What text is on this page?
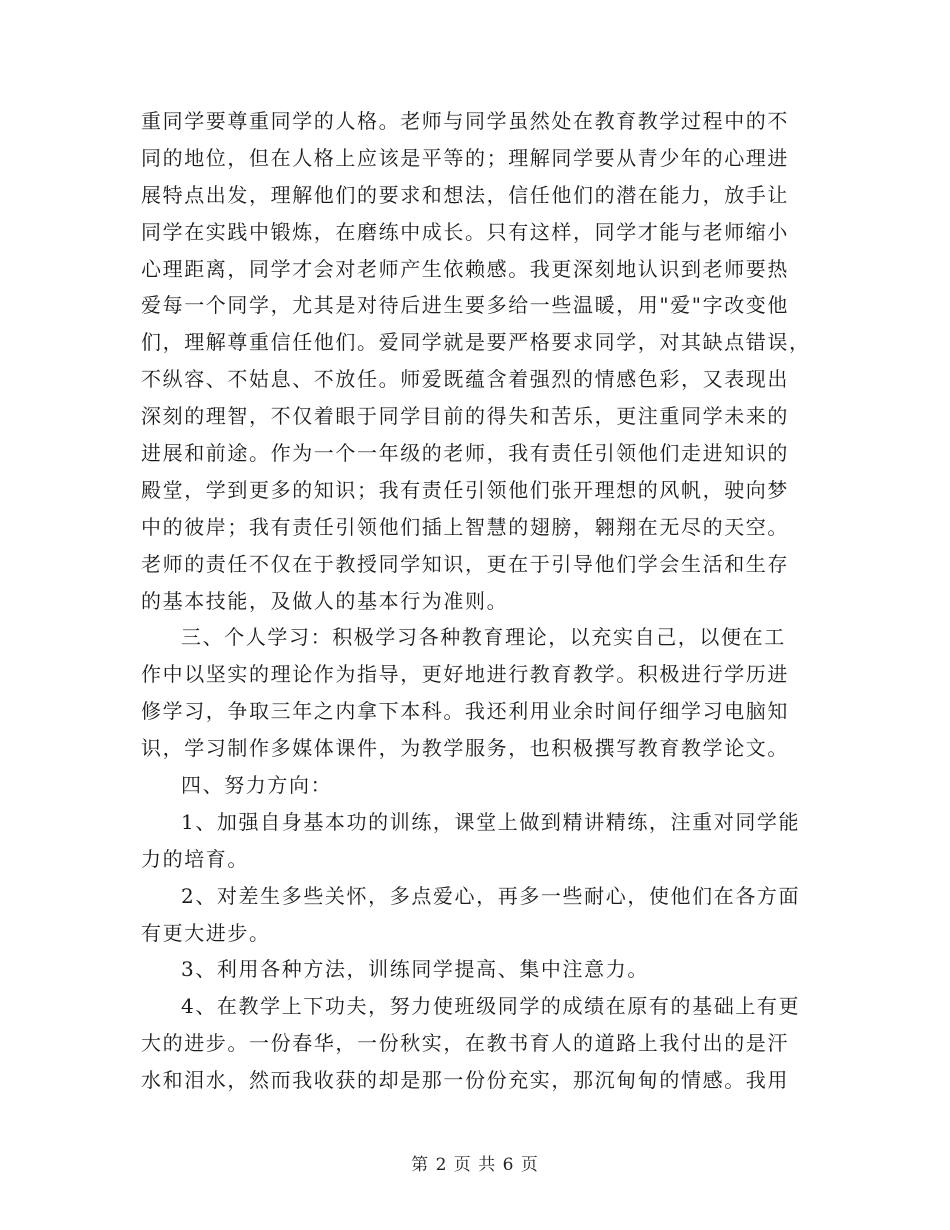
重同学要尊重同学的人格。老师与同学虽然处在教育教学过程中的不
同的地位，但在人格上应该是平等的；理解同学要从青少年的心理进
展特点出发，理解他们的要求和想法，信任他们的潜在能力，放手让
同学在实践中锻炼，在磨练中成长。只有这样，同学才能与老师缩小
心理距离，同学才会对老师产生依赖感。我更深刻地认识到老师要热
爱每一个同学，尤其是对待后进生要多给一些温暖，用"爱"字改变他
们，理解尊重信任他们。爱同学就是要严格要求同学，对其缺点错误，
不纵容、不姑息、不放任。师爱既蕴含着强烈的情感色彩，又表现出
深刻的理智，不仅着眼于同学目前的得失和苦乐，更注重同学未来的
进展和前途。作为一个一年级的老师，我有责任引领他们走进知识的
殿堂，学到更多的知识；我有责任引领他们张开理想的风帆，驶向梦
中的彼岸；我有责任引领他们插上智慧的翅膀，翱翔在无尽的天空。
老师的责任不仅在于教授同学知识，更在于引导他们学会生活和生存
的基本技能，及做人的基本行为准则。
三、个人学习：积极学习各种教育理论，以充实自己，以便在工
作中以坚实的理论作为指导，更好地进行教育教学。积极进行学历进
修学习，争取三年之内拿下本科。我还利用业余时间仔细学习电脑知
识，学习制作多媒体课件，为教学服务，也积极撰写教育教学论文。
四、努力方向：
1、加强自身基本功的训练，课堂上做到精讲精练，注重对同学能
力的培育。
2、对差生多些关怀，多点爱心，再多一些耐心，使他们在各方面
有更大进步。
3、利用各种方法，训练同学提高、集中注意力。
4、在教学上下功夫，努力使班级同学的成绩在原有的基础上有更
大的进步。一份春华，一份秋实，在教书育人的道路上我付出的是汗
水和泪水，然而我收获的却是那一份份充实，那沉甸甸的情感。我用
第 2 页 共 6 页
